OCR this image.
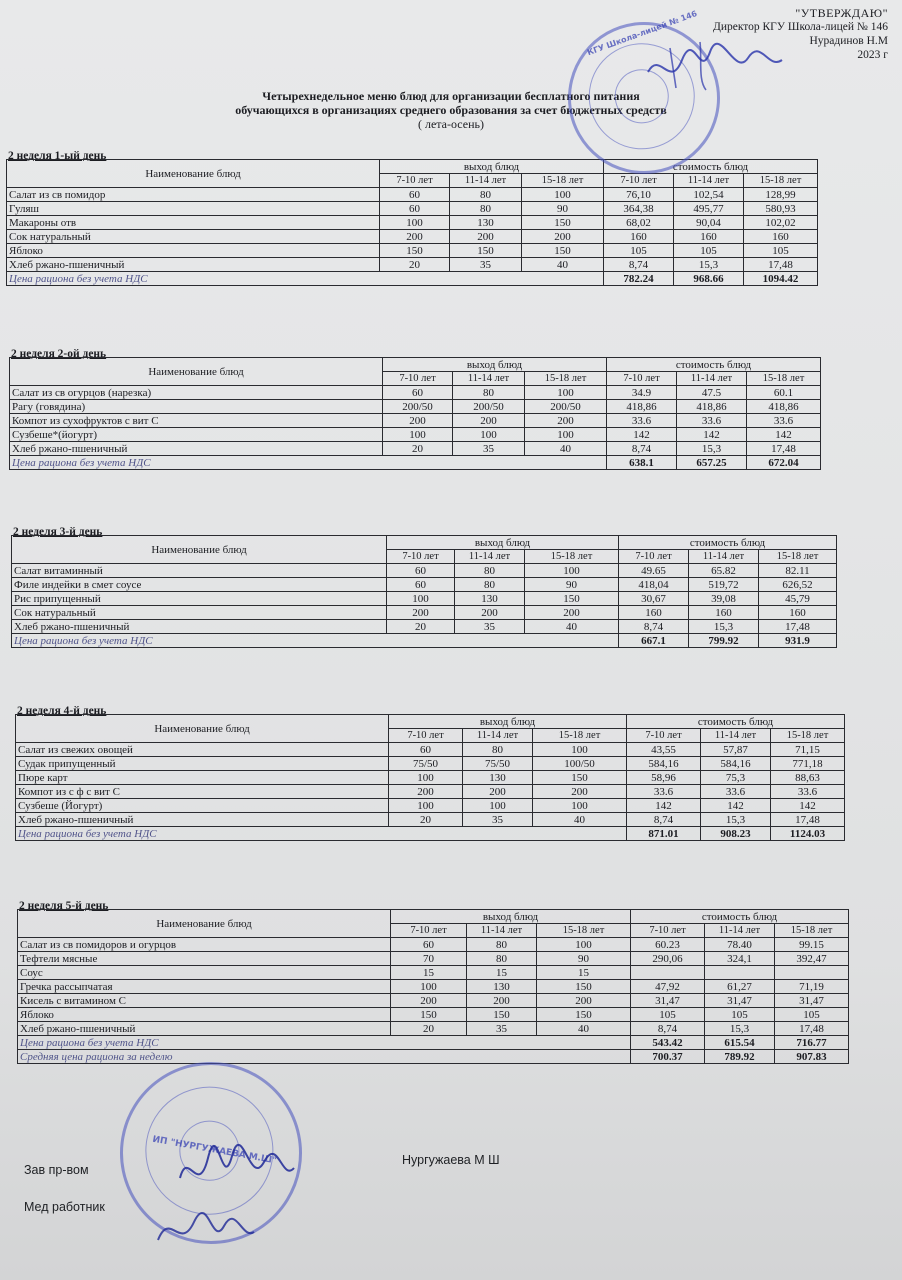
"УТВЕРЖДАЮ"
Директор КГУ Школа-лицей № 146
Нурадинов Н.М
2023 г
Четырехнедельное меню блюд для организации бесплатного питания
обучающихся в организациях среднего образования за счет бюджетных средств
( лета-осень)
2 неделя 1-ый день
Наименование блюд	выход блюд			стоимость блюд		
	7-10 лет	11-14 лет	15-18 лет	7-10 лет	11-14 лет	15-18 лет
Салат из св помидор	60	80	100	76,10	102,54	128,99
Гуляш	60	80	90	364,38	495,77	580,93
Макароны отв	100	130	150	68,02	90,04	102,02
Сок натуральный	200	200	200	160	160	160
Яблоко	150	150	150	105	105	105
Хлеб ржано-пшеничный	20	35	40	8,74	15,3	17,48
Цена рациона без учета НДС				782.24	968.66	1094.42
2 неделя 2-ой день
Наименование блюд	выход блюд			стоимость блюд		
	7-10 лет	11-14 лет	15-18 лет	7-10 лет	11-14 лет	15-18 лет
Салат из св огурцов (нарезка)	60	80	100	34.9	47.5	60.1
Рагу (говядина)	200/50	200/50	200/50	418,86	418,86	418,86
Компот из сухофруктов с вит С	200	200	200	33.6	33.6	33.6
Сузбеше*(йогурт)	100	100	100	142	142	142
Хлеб ржано-пшеничный	20	35	40	8,74	15,3	17,48
Цена рациона без учета НДС				638.1	657.25	672.04
2 неделя 3-й день
Наименование блюд	выход блюд			стоимость блюд		
	7-10 лет	11-14 лет	15-18 лет	7-10 лет	11-14 лет	15-18 лет
Салат витаминный	60	80	100	49.65	65.82	82.11
Филе индейки в смет соусе	60	80	90	418,04	519,72	626,52
Рис припущенный	100	130	150	30,67	39,08	45,79
Сок натуральный	200	200	200	160	160	160
Хлеб ржано-пшеничный	20	35	40	8,74	15,3	17,48
Цена рациона без учета НДС				667.1	799.92	931.9
2 неделя 4-й день
Наименование блюд	выход блюд			стоимость блюд		
	7-10 лет	11-14 лет	15-18 лет	7-10 лет	11-14 лет	15-18 лет
Салат из свежих овощей	60	80	100	43,55	57,87	71,15
Судак припущенный	75/50	75/50	100/50	584,16	584,16	771,18
Пюре карт	100	130	150	58,96	75,3	88,63
Компот из с ф с вит С	200	200	200	33.6	33.6	33.6
Сузбеше (Йогурт)	100	100	100	142	142	142
Хлеб ржано-пшеничный	20	35	40	8,74	15,3	17,48
Цена рациона без учета НДС				871.01	908.23	1124.03
2 неделя 5-й день
Наименование блюд	выход блюд			стоимость блюд		
	7-10 лет	11-14 лет	15-18 лет	7-10 лет	11-14 лет	15-18 лет
Салат из св помидоров и огурцов	60	80	100	60.23	78.40	99.15
Тефтели мясные	70	80	90	290,06	324,1	392,47
Соус	15	15	15			
Гречка рассыпчатая	100	130	150	47,92	61,27	71,19
Кисель с витамином С	200	200	200	31,47	31,47	31,47
Яблоко	150	150	150	105	105	105
Хлеб ржано-пшеничный	20	35	40	8,74	15,3	17,48
Цена рациона без учета НДС				543.42	615.54	716.77
Средняя цена рациона за неделю				700.37	789.92	907.83
КГУ Школа-лицей № 146
ИП "НУРГУЖАЕВА М.Ш"
Зав пр-вом
Нургужаева М Ш
Мед работник
